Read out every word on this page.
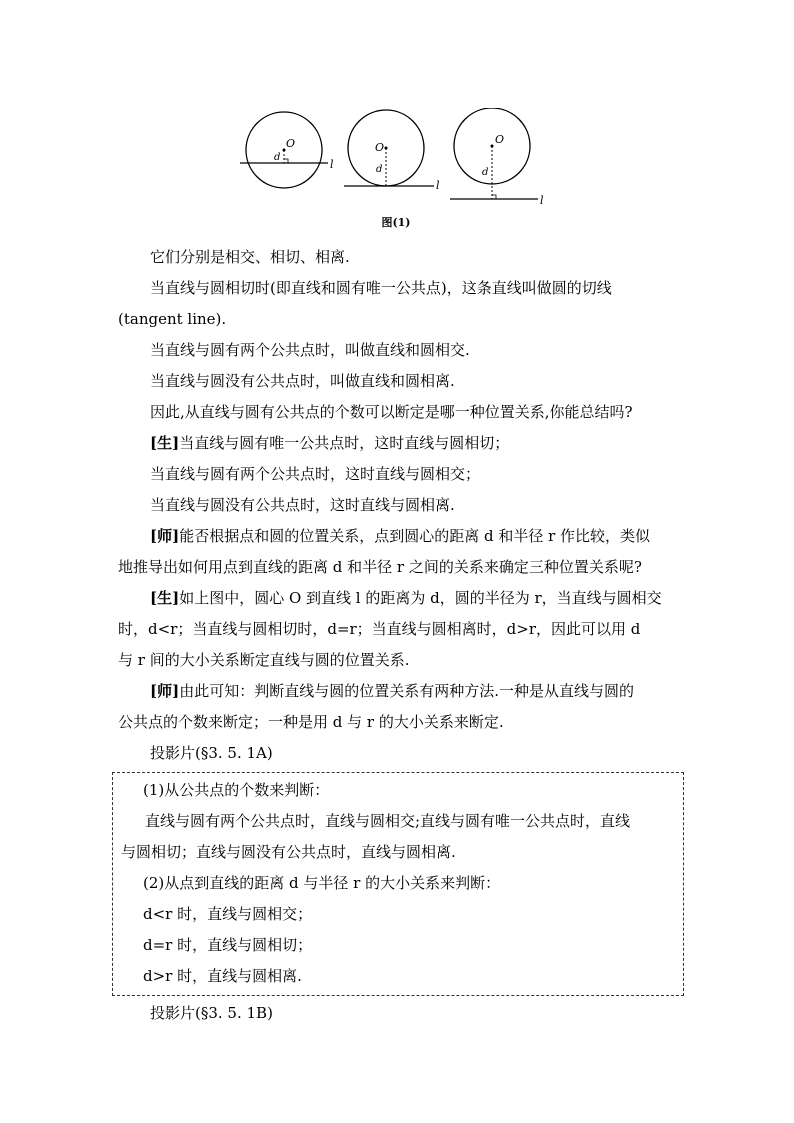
O
d
l
O
d
l
O
d
l
图(1)
它们分别是相交、相切、相离.
当直线与圆相切时(即直线和圆有唯一公共点)，这条直线叫做圆的切线
(tangent line).
当直线与圆有两个公共点时，叫做直线和圆相交.
当直线与圆没有公共点时，叫做直线和圆相离.
因此,从直线与圆有公共点的个数可以断定是哪一种位置关系,你能总结吗?
[生]当直线与圆有唯一公共点时，这时直线与圆相切；
当直线与圆有两个公共点时，这时直线与圆相交；
当直线与圆没有公共点时，这时直线与圆相离.
[师]能否根据点和圆的位置关系，点到圆心的距离 d 和半径 r 作比较，类似
地推导出如何用点到直线的距离 d 和半径 r 之间的关系来确定三种位置关系呢?
[生]如上图中，圆心 O 到直线 l 的距离为 d，圆的半径为 r，当直线与圆相交
时，d<r；当直线与圆相切时，d=r；当直线与圆相离时，d>r，因此可以用 d
与 r 间的大小关系断定直线与圆的位置关系.
[师]由此可知：判断直线与圆的位置关系有两种方法.一种是从直线与圆的
公共点的个数来断定；一种是用 d 与 r 的大小关系来断定.
投影片(§3. 5. 1A)
(1)从公共点的个数来判断：
直线与圆有两个公共点时，直线与圆相交;直线与圆有唯一公共点时，直线
与圆相切；直线与圆没有公共点时，直线与圆相离.
(2)从点到直线的距离 d 与半径 r 的大小关系来判断：
d<r 时，直线与圆相交；
d=r 时，直线与圆相切；
d>r 时，直线与圆相离.
投影片(§3. 5. 1B)
